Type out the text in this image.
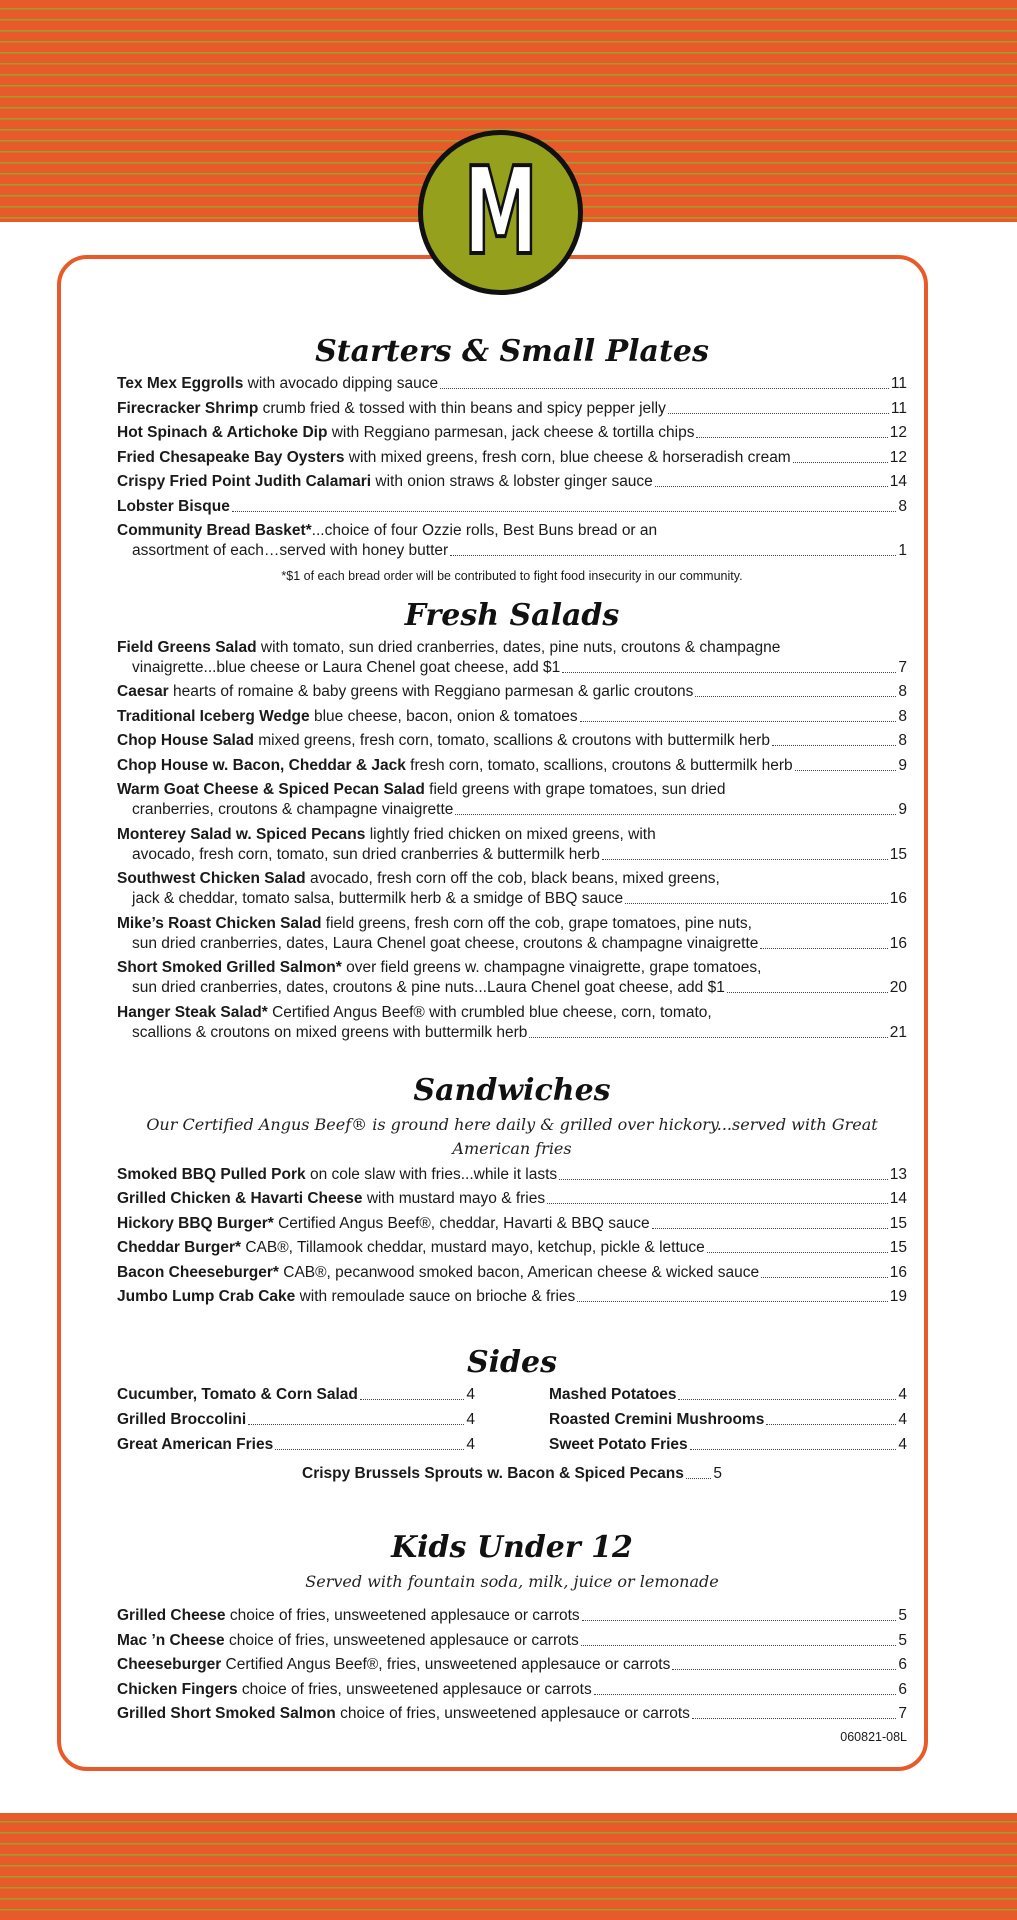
M
Starters & Small Plates
Tex Mex Eggrolls with avocado dipping sauce	11
Firecracker Shrimp crumb fried & tossed with thin beans and spicy pepper jelly	11
Hot Spinach & Artichoke Dip with Reggiano parmesan, jack cheese & tortilla chips	12
Fried Chesapeake Bay Oysters with mixed greens, fresh corn, blue cheese & horseradish cream	12
Crispy Fried Point Judith Calamari with onion straws & lobster ginger sauce	14
Lobster Bisque	8
Community Bread Basket*...choice of four Ozzie rolls, Best Buns bread or an
assortment of each…served with honey butter	1
*$1 of each bread order will be contributed to fight food insecurity in our community.
Fresh Salads
Field Greens Salad with tomato, sun dried cranberries, dates, pine nuts, croutons & champagne
vinaigrette...blue cheese or Laura Chenel goat cheese, add $1	7
Caesar hearts of romaine & baby greens with Reggiano parmesan & garlic croutons	8
Traditional Iceberg Wedge blue cheese, bacon, onion & tomatoes	8
Chop House Salad mixed greens, fresh corn, tomato, scallions & croutons with buttermilk herb	8
Chop House w. Bacon, Cheddar & Jack fresh corn, tomato, scallions, croutons & buttermilk herb	9
Warm Goat Cheese & Spiced Pecan Salad field greens with grape tomatoes, sun dried
cranberries, croutons & champagne vinaigrette	9
Monterey Salad w. Spiced Pecans lightly fried chicken on mixed greens, with
avocado, fresh corn, tomato, sun dried cranberries & buttermilk herb	15
Southwest Chicken Salad avocado, fresh corn off the cob, black beans, mixed greens,
jack & cheddar, tomato salsa, buttermilk herb & a smidge of BBQ sauce	16
Mike’s Roast Chicken Salad field greens, fresh corn off the cob, grape tomatoes, pine nuts,
sun dried cranberries, dates, Laura Chenel goat cheese, croutons & champagne vinaigrette	16
Short Smoked Grilled Salmon* over field greens w. champagne vinaigrette, grape tomatoes,
sun dried cranberries, dates, croutons & pine nuts...Laura Chenel goat cheese, add $1	20
Hanger Steak Salad* Certified Angus Beef® with crumbled blue cheese, corn, tomato,
scallions & croutons on mixed greens with buttermilk herb	21
Sandwiches
Our Certified Angus Beef® is ground here daily & grilled over hickory...served with Great American fries
Smoked BBQ Pulled Pork on cole slaw with fries...while it lasts	13
Grilled Chicken & Havarti Cheese with mustard mayo & fries	14
Hickory BBQ Burger* Certified Angus Beef®, cheddar, Havarti & BBQ sauce	15
Cheddar Burger* CAB®, Tillamook cheddar, mustard mayo, ketchup, pickle & lettuce	15
Bacon Cheeseburger* CAB®, pecanwood smoked bacon, American cheese & wicked sauce	16
Jumbo Lump Crab Cake with remoulade sauce on brioche & fries	19
Sides
Cucumber, Tomato & Corn Salad	4
Grilled Broccolini	4
Great American Fries	4
Mashed Potatoes	4
Roasted Cremini Mushrooms	4
Sweet Potato Fries	4
Crispy Brussels Sprouts w. Bacon & Spiced Pecans 5
Kids Under 12
Served with fountain soda, milk, juice or lemonade
Grilled Cheese choice of fries, unsweetened applesauce or carrots	5
Mac ’n Cheese choice of fries, unsweetened applesauce or carrots	5
Cheeseburger Certified Angus Beef®, fries, unsweetened applesauce or carrots	6
Chicken Fingers choice of fries, unsweetened applesauce or carrots	6
Grilled Short Smoked Salmon choice of fries, unsweetened applesauce or carrots	7
060821-08L
